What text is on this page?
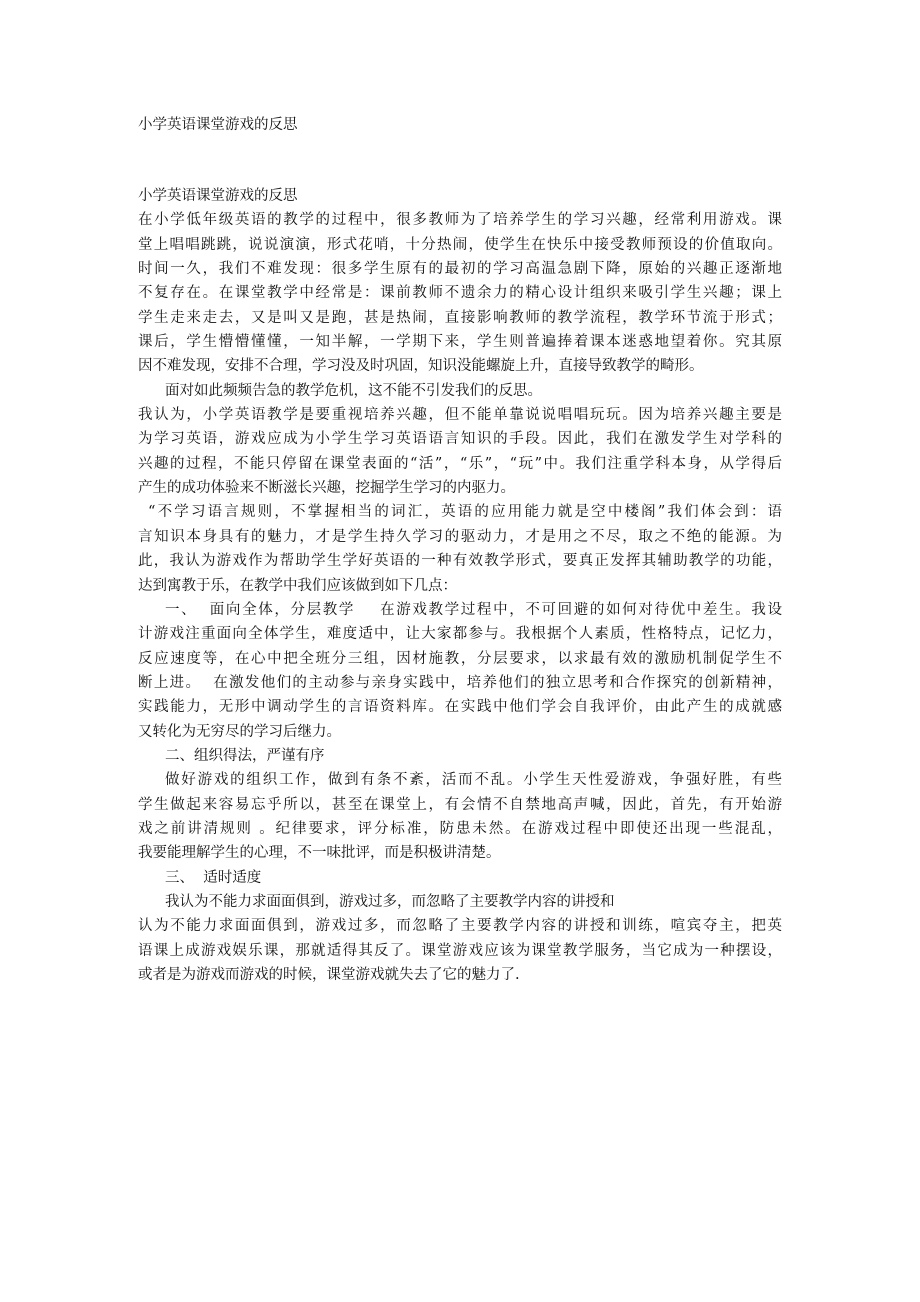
小学英语课堂游戏的反思
小学英语课堂游戏的反思
在小学低年级英语的教学的过程中，很多教师为了培养学生的学习兴趣，经常利用游戏。课
堂上唱唱跳跳，说说演演，形式花哨，十分热闹，使学生在快乐中接受教师预设的价值取向。
时间一久，我们不难发现：很多学生原有的最初的学习高温急剧下降，原始的兴趣正逐渐地
不复存在。在课堂教学中经常是：课前教师不遗余力的精心设计组织来吸引学生兴趣；课上
学生走来走去，又是叫又是跑，甚是热闹，直接影响教师的教学流程，教学环节流于形式；
课后，学生懵懵懂懂，一知半解，一学期下来，学生则普遍捧着课本迷惑地望着你。究其原
因不难发现，安排不合理，学习没及时巩固，知识没能螺旋上升，直接导致教学的畸形。
面对如此频频告急的教学危机，这不能不引发我们的反思。
我认为，小学英语教学是要重视培养兴趣，但不能单靠说说唱唱玩玩。因为培养兴趣主要是
为学习英语，游戏应成为小学生学习英语语言知识的手段。因此，我们在激发学生对学科的
兴趣的过程，不能只停留在课堂表面的“活”，“乐”，“玩”中。我们注重学科本身，从学得后
产生的成功体验来不断滋长兴趣，挖掘学生学习的内驱力。
“不学习语言规则，不掌握相当的词汇，英语的应用能力就是空中楼阁”我们体会到：语
言知识本身具有的魅力，才是学生持久学习的驱动力，才是用之不尽，取之不绝的能源。为
此，我认为游戏作为帮助学生学好英语的一种有效教学形式，要真正发挥其辅助教学的功能，
达到寓教于乐，在教学中我们应该做到如下几点：
一、  面向全体，分层教学    在游戏教学过程中，不可回避的如何对待优中差生。我设
计游戏注重面向全体学生，难度适中，让大家都参与。我根据个人素质，性格特点，记忆力，
反应速度等，在心中把全班分三组，因材施教，分层要求，以求最有效的激励机制促学生不
断上进。  在激发他们的主动参与亲身实践中，培养他们的独立思考和合作探究的创新精神，
实践能力，无形中调动学生的言语资料库。在实践中他们学会自我评价，由此产生的成就感
又转化为无穷尽的学习后继力。
二、组织得法，严谨有序
做好游戏的组织工作，做到有条不紊，活而不乱。小学生天性爱游戏，争强好胜，有些
学生做起来容易忘乎所以，甚至在课堂上，有会情不自禁地高声喊，因此，首先，有开始游
戏之前讲清规则 。纪律要求，评分标准，防患未然。在游戏过程中即使还出现一些混乱，
我要能理解学生的心理，不一味批评，而是积极讲清楚。
三、  适时适度
我认为不能力求面面俱到，游戏过多，而忽略了主要教学内容的讲授和
认为不能力求面面俱到，游戏过多，而忽略了主要教学内容的讲授和训练，喧宾夺主，把英
语课上成游戏娱乐课，那就适得其反了。课堂游戏应该为课堂教学服务，当它成为一种摆设，
或者是为游戏而游戏的时候，课堂游戏就失去了它的魅力了.
